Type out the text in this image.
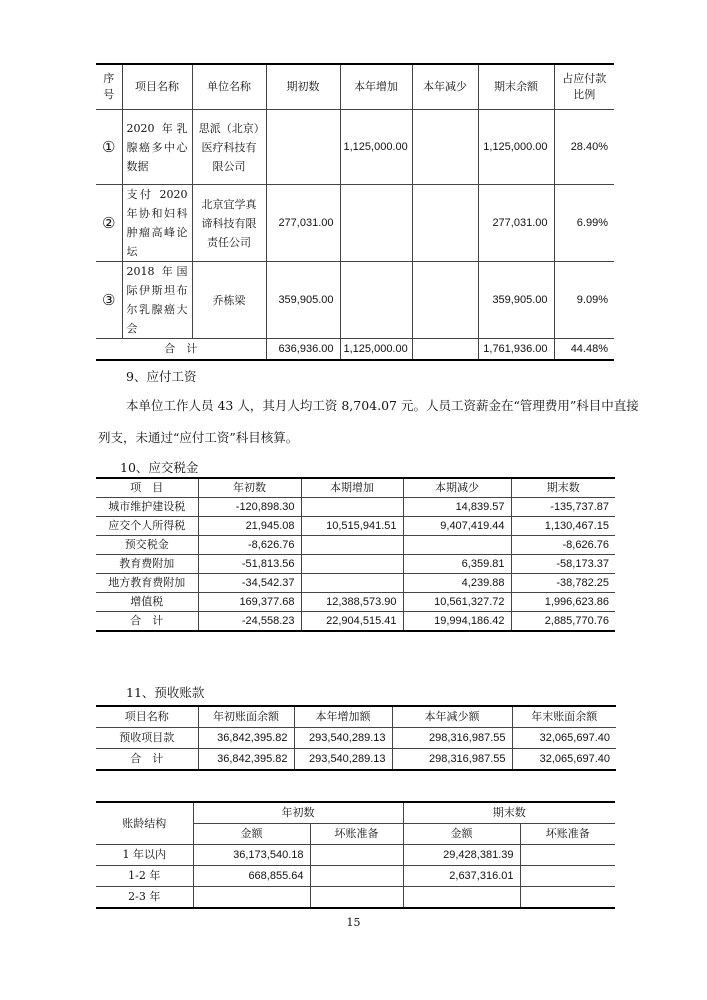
序号	项目名称	单位名称	期初数	本年增加	本年减少	期末余额	占应付款比例
①	2020 年乳腺癌多中心数据	思派（北京）医疗科技有限公司		1,125,000.00		1,125,000.00	28.40%
②	支付 2020 年协和妇科肿瘤高峰论坛	北京宜学真谛科技有限责任公司	277,031.00			277,031.00	6.99%
③	2018 年国际伊斯坦布尔乳腺癌大会	乔栋梁	359,905.00			359,905.00	9.09%
合　计			636,936.00	1,125,000.00		1,761,936.00	44.48%
9、应付工资
本单位工作人员 43 人，其月人均工资 8,704.07 元。人员工资薪金在“管理费用”科目中直接
列支，未通过“应付工资”科目核算。
10、应交税金
项　目	年初数	本期增加	本期减少	期末数
城市维护建设税	-120,898.30		14,839.57	-135,737.87
应交个人所得税	21,945.08	10,515,941.51	9,407,419.44	1,130,467.15
预交税金	-8,626.76			-8,626.76
教育费附加	-51,813.56		6,359.81	-58,173.37
地方教育费附加	-34,542.37		4,239.88	-38,782.25
增值税	169,377.68	12,388,573.90	10,561,327.72	1,996,623.86
合　计	-24,558.23	22,904,515.41	19,994,186.42	2,885,770.76
11、预收账款
项目名称	年初账面余额	本年增加额	本年减少额	年末账面余额
预收项目款	36,842,395.82	293,540,289.13	298,316,987.55	32,065,697.40
合　计	36,842,395.82	293,540,289.13	298,316,987.55	32,065,697.40
账龄结构	年初数		期末数	
	金额	坏账准备	金额	坏账准备
1 年以内	36,173,540.18		29,428,381.39	
1-2 年	668,855.64		2,637,316.01	
2-3 年				
15
